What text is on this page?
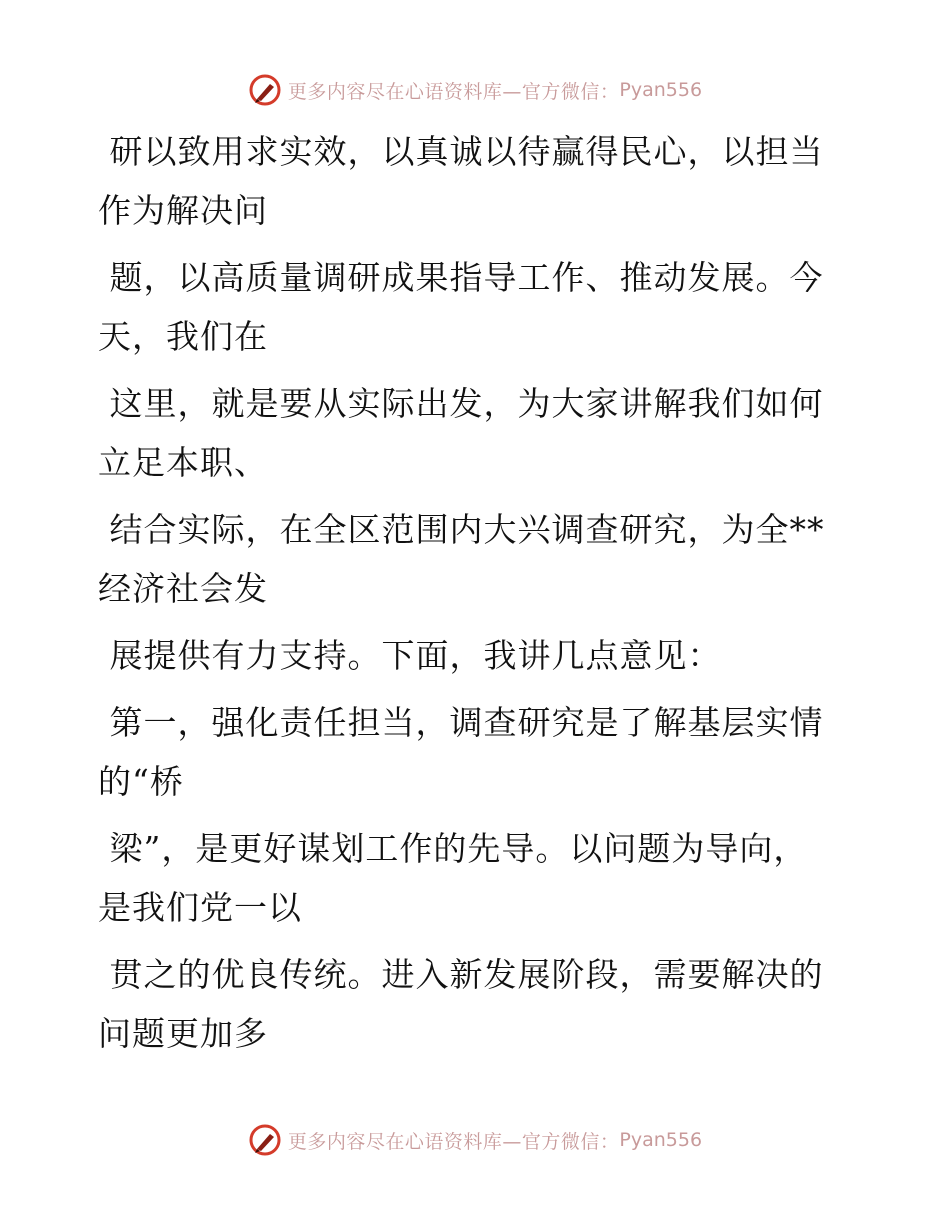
更多内容尽在心语资料库—官方微信： Pyan556

研以致用求实效，以真诚以待赢得民心，以担当作为解决问

题，以高质量调研成果指导工作、推动发展。今天，我们在

这里，就是要从实际出发，为大家讲解我们如何立足本职、

结合实际，在全区范围内大兴调查研究，为全**经济社会发

展提供有力支持。下面，我讲几点意见：

第一，强化责任担当，调查研究是了解基层实情的“桥

梁”，是更好谋划工作的先导。以问题为导向，是我们党一以

贯之的优良传统。进入新发展阶段，需要解决的问题更加多

更多内容尽在心语资料库—官方微信： Pyan556
